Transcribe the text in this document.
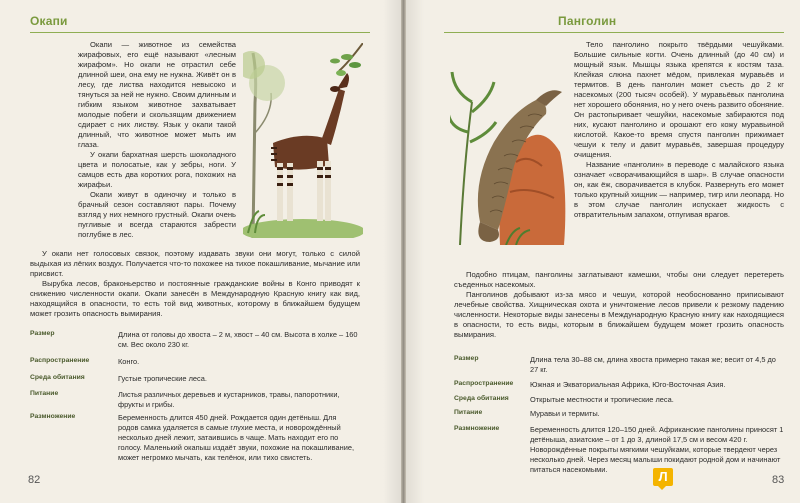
Окапи

Окапи — животное из семейства жирафовых, его ещё называют «лесным жирафом». Но окапи не отрастил себе длинной шеи, она ему не нужна. Живёт он в лесу, где листва находится невысоко и тянуться за ней не нужно. Своим длинным и гибким языком животное захватывает молодые побеги и скользящим движением сдирает с них листву. Язык у окапи такой длинный, что животное может мыть им глаза.

У окапи бархатная шерсть шоколадного цвета и полосатые, как у зебры, ноги. У самцов есть два коротких рога, похожих на жирафьи.

Окапи живут в одиночку и только в брачный сезон составляют пары. Почему взгляд у них немного грустный. Окапи очень пугливые и всегда стараются забрести поглубже в лес.

У окапи нет голосовых связок, поэтому издавать звуки они могут, только с силой выдыхая из лёгких воздух. Получается что-то похожее на тихое покашливание, мычание или присвист.

Вырубка лесов, браконьерство и постоянные гражданские войны в Конго приводят к снижению численности окапи. Окапи занесён в Международную Красную книгу как вид, находящийся в опасности, то есть той вид животных, которому в ближайшем будущем может грозить опасность вымирания.

Размер	Длина от головы до хвоста – 2 м, хвост – 40 см. Высота в холке – 160 см. Вес около 230 кг.
Распространение	Конго.
Среда обитания	Густые тропические леса.
Питание	Листья различных деревьев и кустарников, травы, папоротники, фрукты и грибы.
Размножение	Беременность длится 450 дней. Рождается один детёныш. Для родов самка удаляется в самые глухие места, и новорождённый несколько дней лежит, затаившись в чаще. Мать находит его по голосу. Маленький окапыш издаёт звуки, похожие на покашливание, может негромко мычать, как телёнок, или тихо свистеть.
82
Панголин

Тело панголино покрыто твёрдыми чешуйками. Большие сильные когти. Очень длинный (до 40 см) и мощный язык. Мышцы языка крепятся к костям таза. Клейкая слюна пахнет мёдом, привлекая муравьёв и термитов. В день панголин может съесть до 2 кг насекомых (200 тысяч особей). У муравьёвых панголина нет хорошего обоняния, но у него очень развито обоняние. Он растопыривает чешуйки, насекомые забираются под них, кусают панголино и орошают его кожу муравьиной кислотой. Какое-то время спустя панголин прижимает чешуи к телу и давит муравьёв, завершая процедуру очищения.

Название «панголин» в переводе с малайского языка означает «сворачивающийся в шар». В случае опасности он, как ёж, сворачивается в клубок. Развернуть его может только крупный хищник — например, тигр или леопард. Но в этом случае панголин испускает жидкость с отвратительным запахом, отпугивая врагов.

Подобно птицам, панголины заглатывают камешки, чтобы они следует перетереть съеденных насекомых.

Панголинов добывают из-за мясо и чешуи, которой необоснованно приписывают лечебные свойства. Хищническая охота и уничтожение лесов привели к резкому падению численности. Некоторые виды занесены в Международную Красную книгу как находящиеся в опасности, то есть виды, которым в ближайшем будущем может грозить опасность вымирания.

Размер	Длина тела 30–88 см, длина хвоста примерно такая же; весит от 4,5 до 27 кг.
Распространение Южная и Экваториальная Африка, Юго-Восточная Азия.
Среда обитания	Открытые местности и тропические леса.
Питание	Муравьи и термиты.
Размножение	Беременность длится 120–150 дней. Африканские панголины приносят 1 детёныша, азиатские – от 1 до 3, длиной 17,5 см и весом 420 г. Новорождённые покрыты мягкими чешуйками, которые твердеют через несколько дней. Через месяц малыши покидают родной дом и начинают питаться насекомыми.
83
Л
